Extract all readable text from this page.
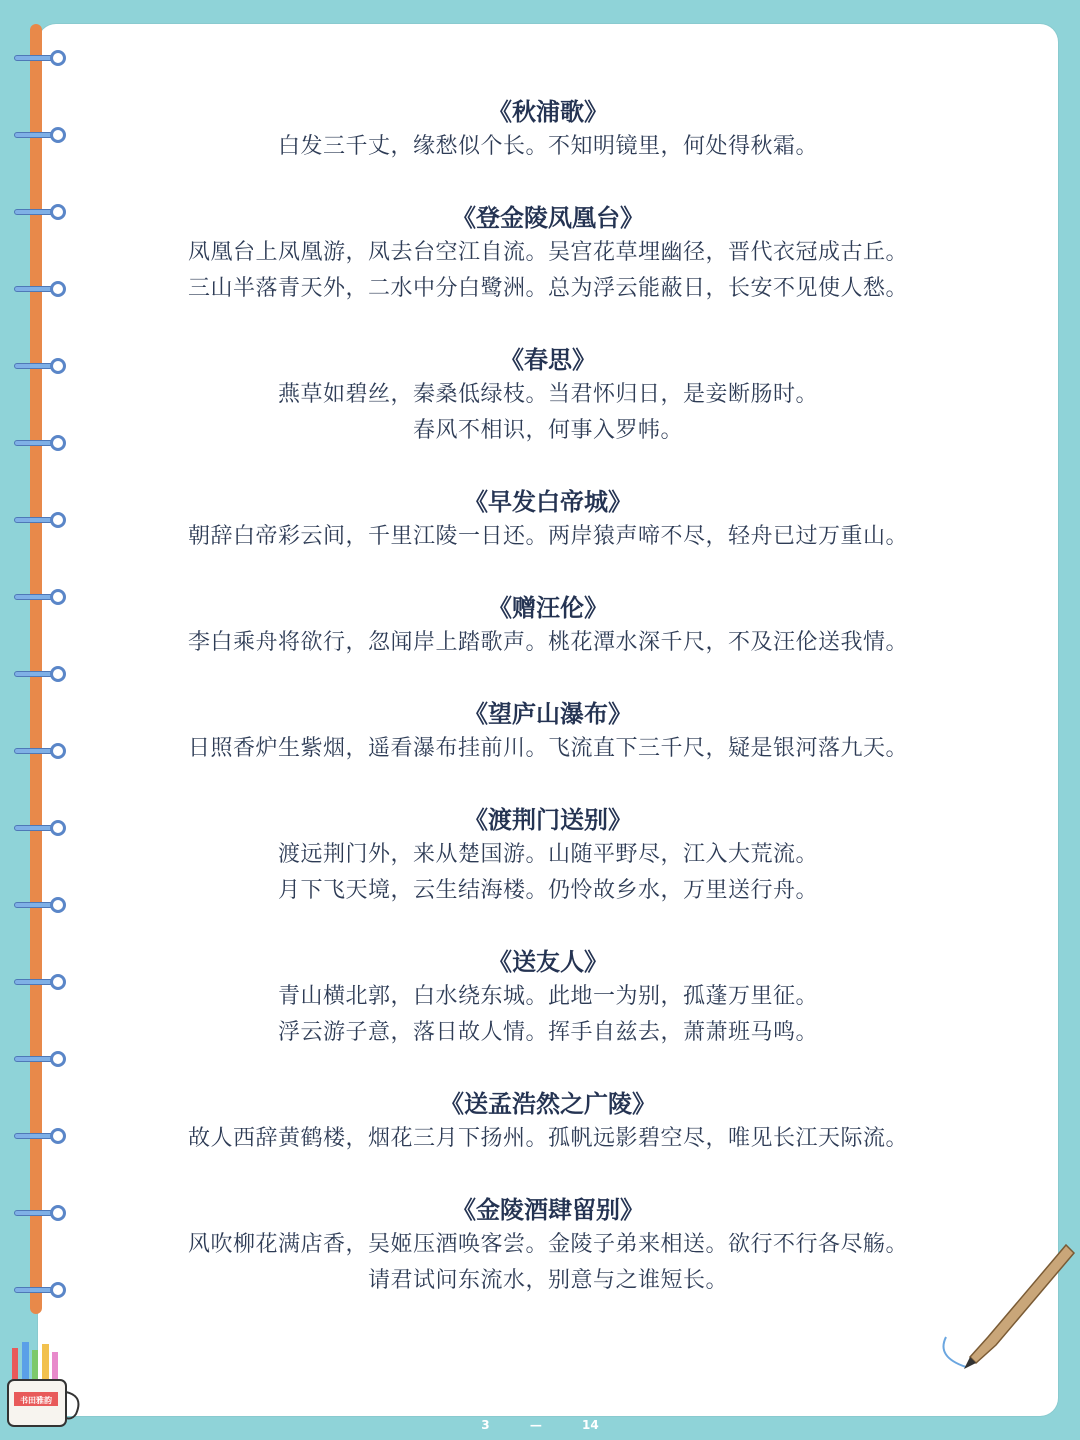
《秋浦歌》
白发三千丈，缘愁似个长。不知明镜里，何处得秋霜。
《登金陵凤凰台》
凤凰台上凤凰游，凤去台空江自流。吴宫花草埋幽径，晋代衣冠成古丘。
三山半落青天外，二水中分白鹭洲。总为浮云能蔽日，长安不见使人愁。
《春思》
燕草如碧丝，秦桑低绿枝。当君怀归日，是妾断肠时。
春风不相识，何事入罗帏。
《早发白帝城》
朝辞白帝彩云间，千里江陵一日还。两岸猿声啼不尽，轻舟已过万重山。
《赠汪伦》
李白乘舟将欲行，忽闻岸上踏歌声。桃花潭水深千尺，不及汪伦送我情。
《望庐山瀑布》
日照香炉生紫烟，遥看瀑布挂前川。飞流直下三千尺，疑是银河落九天。
《渡荆门送别》
渡远荆门外，来从楚国游。山随平野尽，江入大荒流。
月下飞天境，云生结海楼。仍怜故乡水，万里送行舟。
《送友人》
青山横北郭，白水绕东城。此地一为别，孤蓬万里征。
浮云游子意，落日故人情。挥手自兹去，萧萧班马鸣。
《送孟浩然之广陵》
故人西辞黄鹤楼，烟花三月下扬州。孤帆远影碧空尽，唯见长江天际流。
《金陵酒肆留别》
风吹柳花满店香，吴姬压酒唤客尝。金陵子弟来相送。欲行不行各尽觞。
请君试问东流水，别意与之谁短长。
书田雅韵
3	—	14
